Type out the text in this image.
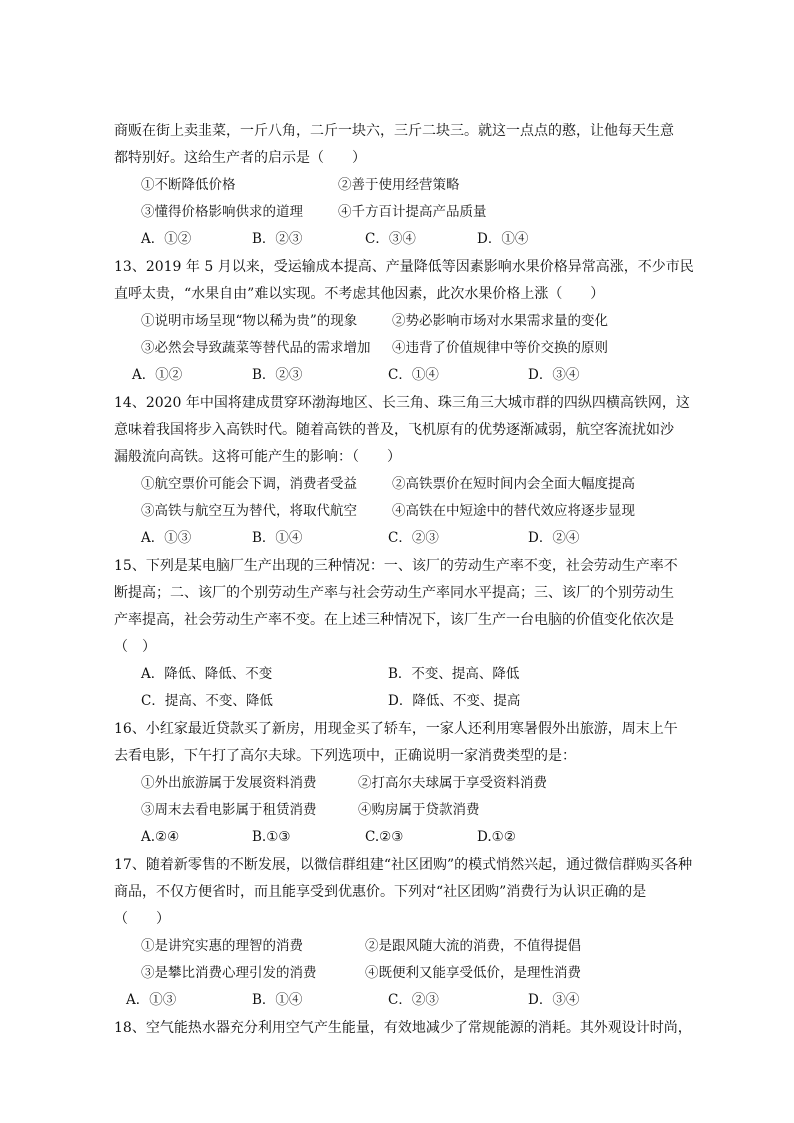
商贩在街上卖韭菜，一斤八角，二斤一块六，三斤二块三。就这一点点的憨，让他每天生意
都特别好。这给生产者的启示是（　　）
①不断降低价格	②善于使用经营策略
③懂得价格影响供求的道理	④千方百计提高产品质量
A．①②	B．②③	C．③④	D．①④
13、2019 年 5 月以来，受运输成本提高、产量降低等因素影响水果价格异常高涨，不少市民
直呼太贵，“水果自由”难以实现。不考虑其他因素，此次水果价格上涨（　　）
①说明市场呈现“物以稀为贵”的现象	②势必影响市场对水果需求量的变化
③必然会导致蔬菜等替代品的需求增加 ④违背了价值规律中等价交换的原则
A．①②	B．②③	C．①④	D．③④
14、2020 年中国将建成贯穿环渤海地区、长三角、珠三角三大城市群的四纵四横高铁网，这
意味着我国将步入高铁时代。随着高铁的普及，飞机原有的优势逐渐减弱，航空客流扰如沙
漏般流向高铁。这将可能产生的影响：（　　）
①航空票价可能会下调，消费者受益	②高铁票价在短时间内会全面大幅度提高
③高铁与航空互为替代，将取代航空	④高铁在中短途中的替代效应将逐步显现
A．①③	B．①④	C．②③	D．②④
15、下列是某电脑厂生产出现的三种情况：一、该厂的劳动生产率不变，社会劳动生产率不
断提高；二、该厂的个别劳动生产率与社会劳动生产率同水平提高；三、该厂的个别劳动生
产率提高，社会劳动生产率不变。在上述三种情况下，该厂生产一台电脑的价值变化依次是
（　）
A．降低、降低、不变	B．不变、提高、降低
C．提高、不变、降低	D．降低、不变、提高
16、小红家最近贷款买了新房，用现金买了轿车，一家人还利用寒暑假外出旅游，周末上午
去看电影，下午打了高尔夫球。下列选项中，正确说明一家消费类型的是：
①外出旅游属于发展资料消费	②打高尔夫球属于享受资料消费
③周末去看电影属于租赁消费	④购房属于贷款消费
A.②④	B.①③	C.②③	D.①②
17、随着新零售的不断发展，以微信群组建“社区团购”的模式悄然兴起，通过微信群购买各种
商品，不仅方便省时，而且能享受到优惠价。下列对“社区团购”消费行为认识正确的是
（　　）
①是讲究实惠的理智的消费	②是跟风随大流的消费，不值得提倡
③是攀比消费心理引发的消费	④既便利又能享受低价，是理性消费
A．①③	B．①④	C．②③	D．③④
18、空气能热水器充分利用空气产生能量，有效地减少了常规能源的消耗。其外观设计时尚，
